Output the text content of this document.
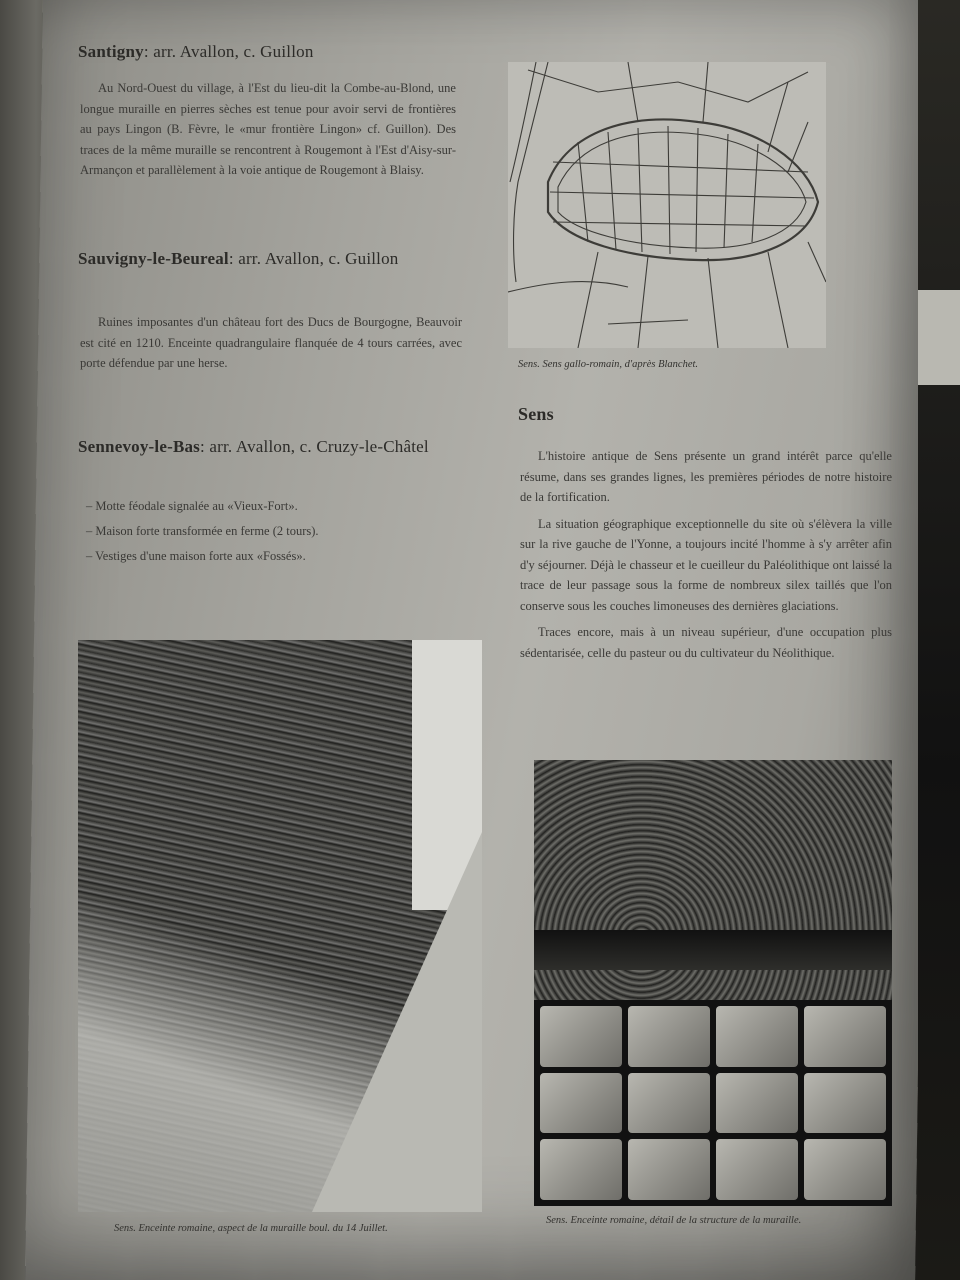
Santigny: arr. Avallon, c. Guillon

Au Nord-Ouest du village, à l'Est du lieu-dit la Combe-au-Blond, une longue muraille en pierres sèches est tenue pour avoir servi de frontières au pays Lingon (B. Fèvre, le «mur frontière Lingon» cf. Guillon). Des traces de la même muraille se rencontrent à Rougemont à l'Est d'Aisy-sur-Armançon et parallèlement à la voie antique de Rougemont à Blaisy.

Sauvigny-le-Beureal: arr. Avallon, c. Guillon

Ruines imposantes d'un château fort des Ducs de Bourgogne, Beauvoir est cité en 1210. Enceinte quadrangulaire flanquée de 4 tours carrées, avec porte défendue par une herse.

Sennevoy-le-Bas: arr. Avallon, c. Cruzy-le-Châtel
– Motte féodale signalée au «Vieux-Fort».
– Maison forte transformée en ferme (2 tours).
– Vestiges d'une maison forte aux «Fossés».
Sens. Enceinte romaine, aspect de la muraille boul. du 14 Juillet.
Sens. Sens gallo-romain, d'après Blanchet.
Sens

L'histoire antique de Sens présente un grand intérêt parce qu'elle résume, dans ses grandes lignes, les premières périodes de notre histoire de la fortification.

La situation géographique exceptionnelle du site où s'élèvera la ville sur la rive gauche de l'Yonne, a toujours incité l'homme à s'y arrêter afin d'y séjourner. Déjà le chasseur et le cueilleur du Paléolithique ont laissé la trace de leur passage sous la forme de nombreux silex taillés que l'on conserve sous les couches limoneuses des dernières glaciations.

Traces encore, mais à un niveau supérieur, d'une occupation plus sédentarisée, celle du pasteur ou du cultivateur du Néolithique.

Sens. Enceinte romaine, détail de la structure de la muraille.
